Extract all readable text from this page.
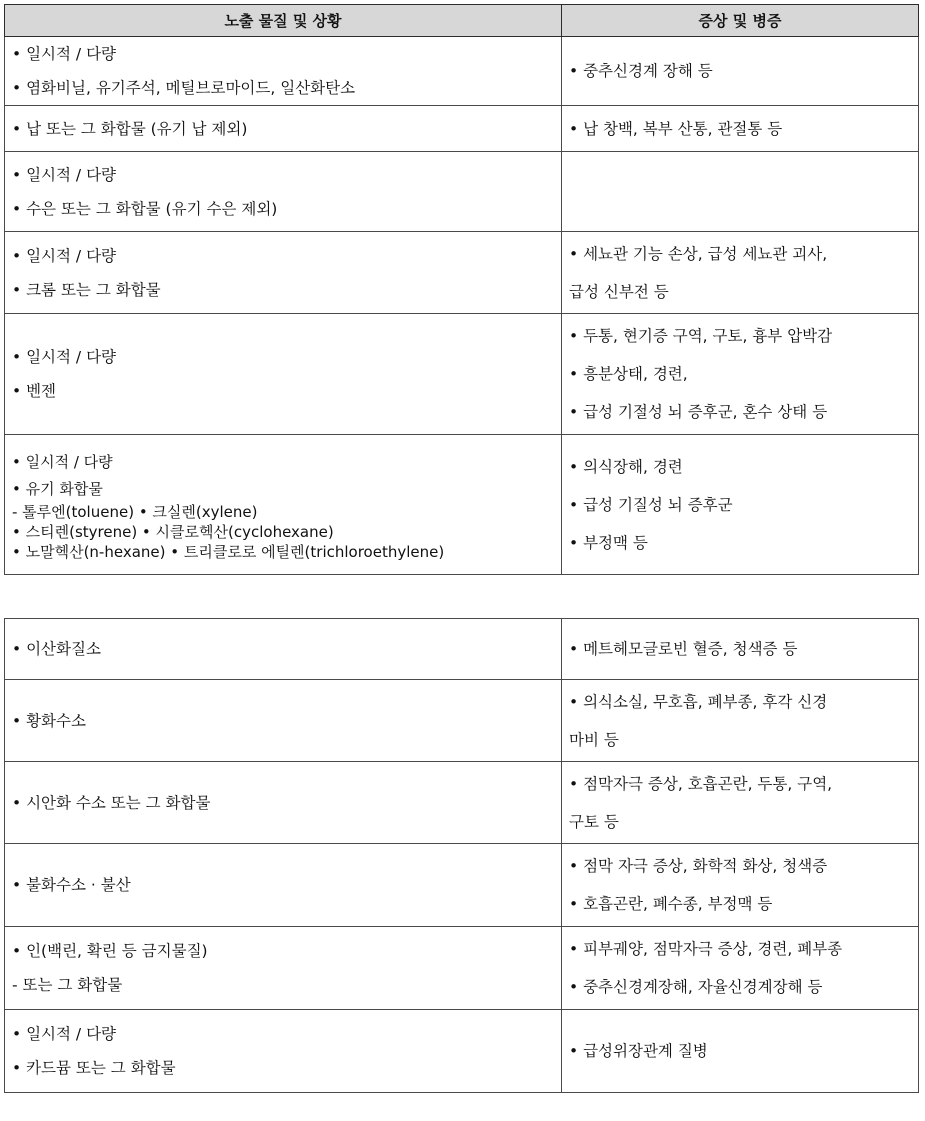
노출 물질 및 상황	증상 및 병증

• 일시적 / 다량
• 염화비닐, 유기주석, 메틸브로마이드, 일산화탄소	• 중추신경계 장해 등

• 납 또는 그 화합물 (유기 납 제외)	• 납 창백, 복부 산통, 관절통 등

• 일시적 / 다량
• 수은 또는 그 화합물 (유기 수은 제외)	

• 일시적 / 다량
• 크롬 또는 그 화합물	• 세뇨관 기능 손상, 급성 세뇨관 괴사,
급성 신부전 등

• 일시적 / 다량
• 벤젠	• 두통, 현기증 구역, 구토, 흉부 압박감
• 흥분상태, 경련,
• 급성 기절성 뇌 증후군, 혼수 상태 등

• 일시적 / 다량
• 유기 화합물
- 톨루엔(toluene) • 크실렌(xylene)
• 스티렌(styrene) • 시클로헥산(cyclohexane)
• 노말헥산(n-hexane) • 트리클로로 에틸렌(trichloroethylene)	• 의식장해, 경련
• 급성 기질성 뇌 증후군
• 부정맥 등
• 이산화질소	• 메트헤모글로빈 혈증, 청색증 등

• 황화수소	• 의식소실, 무호흡, 폐부종, 후각 신경
마비 등

• 시안화 수소 또는 그 화합물	• 점막자극 증상, 호흡곤란, 두통, 구역,
구토 등

• 불화수소 · 불산	• 점막 자극 증상, 화학적 화상, 청색증
• 호흡곤란, 폐수종, 부정맥 등

• 인(백린, 확린 등 금지물질)
- 또는 그 화합물	• 피부궤양, 점막자극 증상, 경련, 폐부종
• 중추신경계장해, 자율신경계장해 등

• 일시적 / 다량
• 카드뮴 또는 그 화합물	• 급성위장관계 질병
